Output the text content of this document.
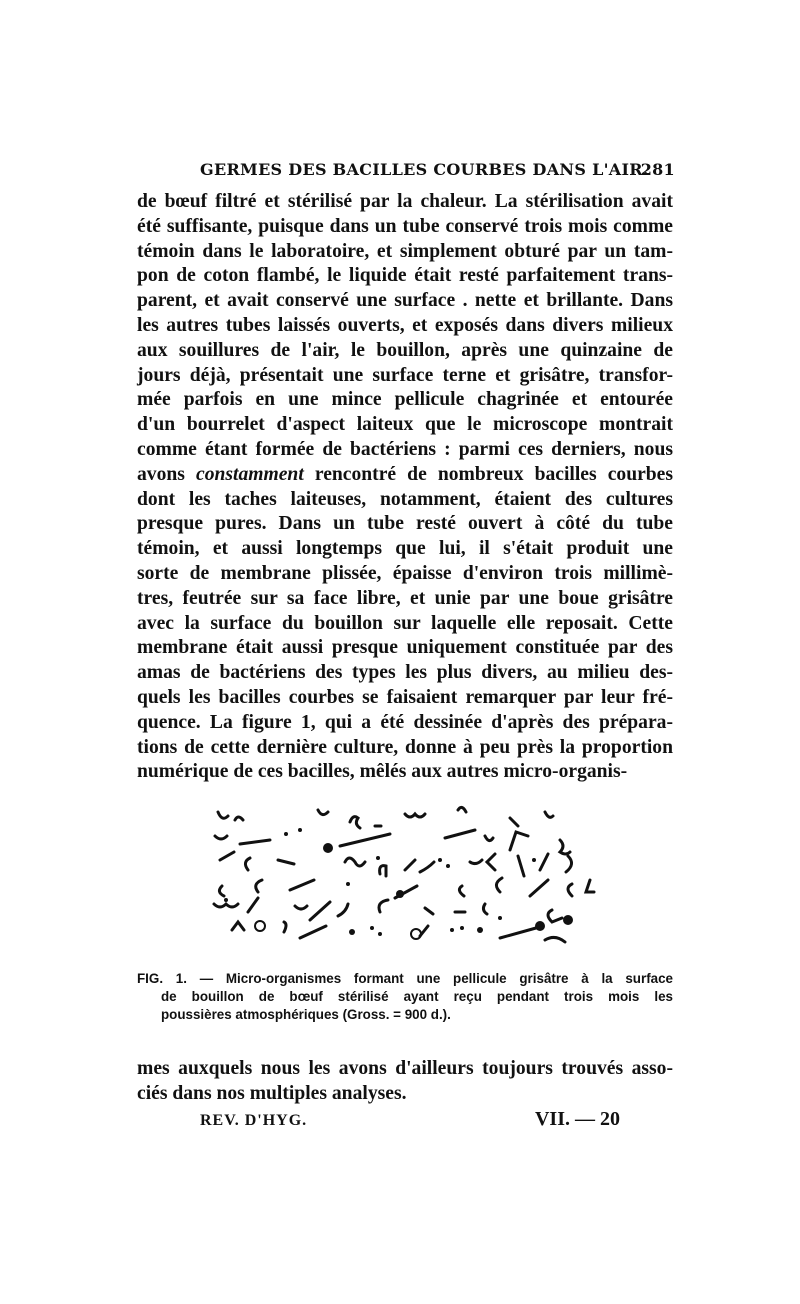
GERMES DES BACILLES COURBES DANS L'AIR.
281
de bœuf filtré et stérilisé par la chaleur. La stérilisation avait
été suffisante, puisque dans un tube conservé trois mois comme
témoin dans le laboratoire, et simplement obturé par un tam-
pon de coton flambé, le liquide était resté parfaitement trans-
parent, et avait conservé une surface . nette et brillante. Dans
les autres tubes laissés ouverts, et exposés dans divers milieux
aux souillures de l'air, le bouillon, après une quinzaine de
jours déjà, présentait une surface terne et grisâtre, transfor-
mée parfois en une mince pellicule chagrinée et entourée
d'un bourrelet d'aspect laiteux que le microscope montrait
comme étant formée de bactériens : parmi ces derniers, nous
avons constamment rencontré de nombreux bacilles courbes
dont les taches laiteuses, notamment, étaient des cultures
presque pures. Dans un tube resté ouvert à côté du tube
témoin, et aussi longtemps que lui, il s'était produit une
sorte de membrane plissée, épaisse d'environ trois millimè-
tres, feutrée sur sa face libre, et unie par une boue grisâtre
avec la surface du bouillon sur laquelle elle reposait. Cette
membrane était aussi presque uniquement constituée par des
amas de bactériens des types les plus divers, au milieu des-
quels les bacilles courbes se faisaient remarquer par leur fré-
quence. La figure 1, qui a été dessinée d'après des prépara-
tions de cette dernière culture, donne à peu près la proportion
numérique de ces bacilles, mêlés aux autres micro-organis-
FIG. 1. — Micro-organismes formant une pellicule grisâtre à la surface
de bouillon de bœuf stérilisé ayant reçu pendant trois mois les
poussières atmosphériques (Gross. = 900 d.).
mes auxquels nous les avons d'ailleurs toujours trouvés asso-
ciés dans nos multiples analyses.
REV. D'HYG.	VII. — 20
